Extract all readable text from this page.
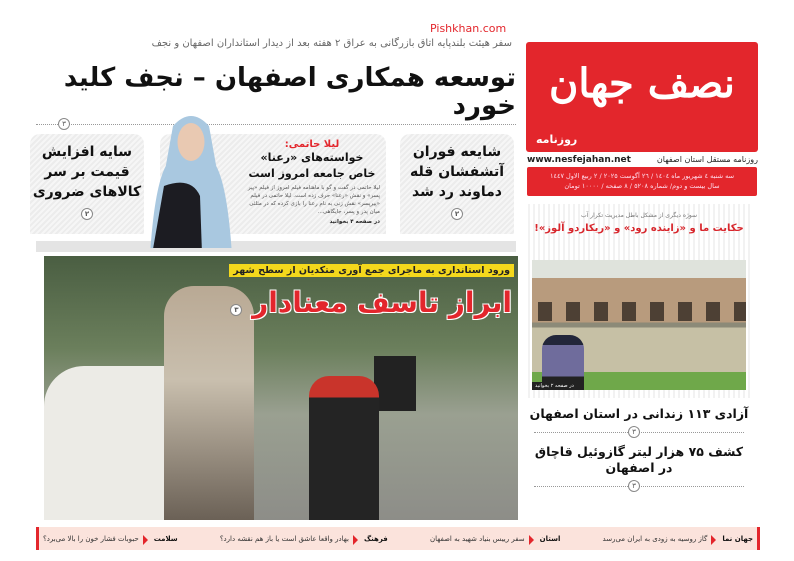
نصف جهان
روزنامه
www.nesfejahan.net	روزنامه مستقل استان اصفهان
سه شنبه ٤ شهریور ماه ١٤٠٤ / ٢٦ آگوست ٢٠٢٥ / ٢ ربیع الاول ١٤٤٧
سال بیست و دوم/ شماره ٥٢٠٨ / ٨ صفحه / ١٠٠٠٠ تومان
Pishkhan.com
سفر هیئت بلندپایه اتاق بازرگانی به عراق ۲ هفته بعد از دیدار استانداران اصفهان و نجف
توسعه همکاری اصفهان – نجف کلید خورد
۳
سایه افزایش قیمت بر سر کالاهای ضروری
۲
لیلا حاتمی:
خواسته‌های «رعنا»
خاص جامعه امروز است
لیلا حاتمی در گفت و گو با ماهنامه فیلم امروز از فیلم «پیر پسر» و نقش «رعنا» حرف زده است. لیلا حاتمی در فیلم «پیرپسر» نقش زنی به نام رعنا را بازی کرده که در مثلثی میان پدر و پسر، جایگاهی...
در صفحه ۴ بخوانید
شایعه فوران آتشفشان قله دماوند رد شد
۲
ورود استانداری به ماجرای جمع آوری متکدیان از سطح شهر
ابراز تاسف معنادار ۳
سوژه دیگری از مشکل باطل مدیریت تکرار آب
حکایت ما و «زاینده رود» و «ریکاردو آلوز»!
در صفحه ۲ بخوانید
آزادی ۱۱۳ زندانی در استان اصفهان
۳
کشف ۷۵ هزار لیتر گازوئیل قاچاق در اصفهان
۳
جهان نما
گاز روسیه به زودی به ایران می‌رسد
استان
سفر رییس بنیاد شهید به اصفهان
فرهنگ
بهادر واقعا عاشق است یا باز هم نقشه دارد؟
سلامت
حبوبات فشار خون را بالا می‌برد؟
